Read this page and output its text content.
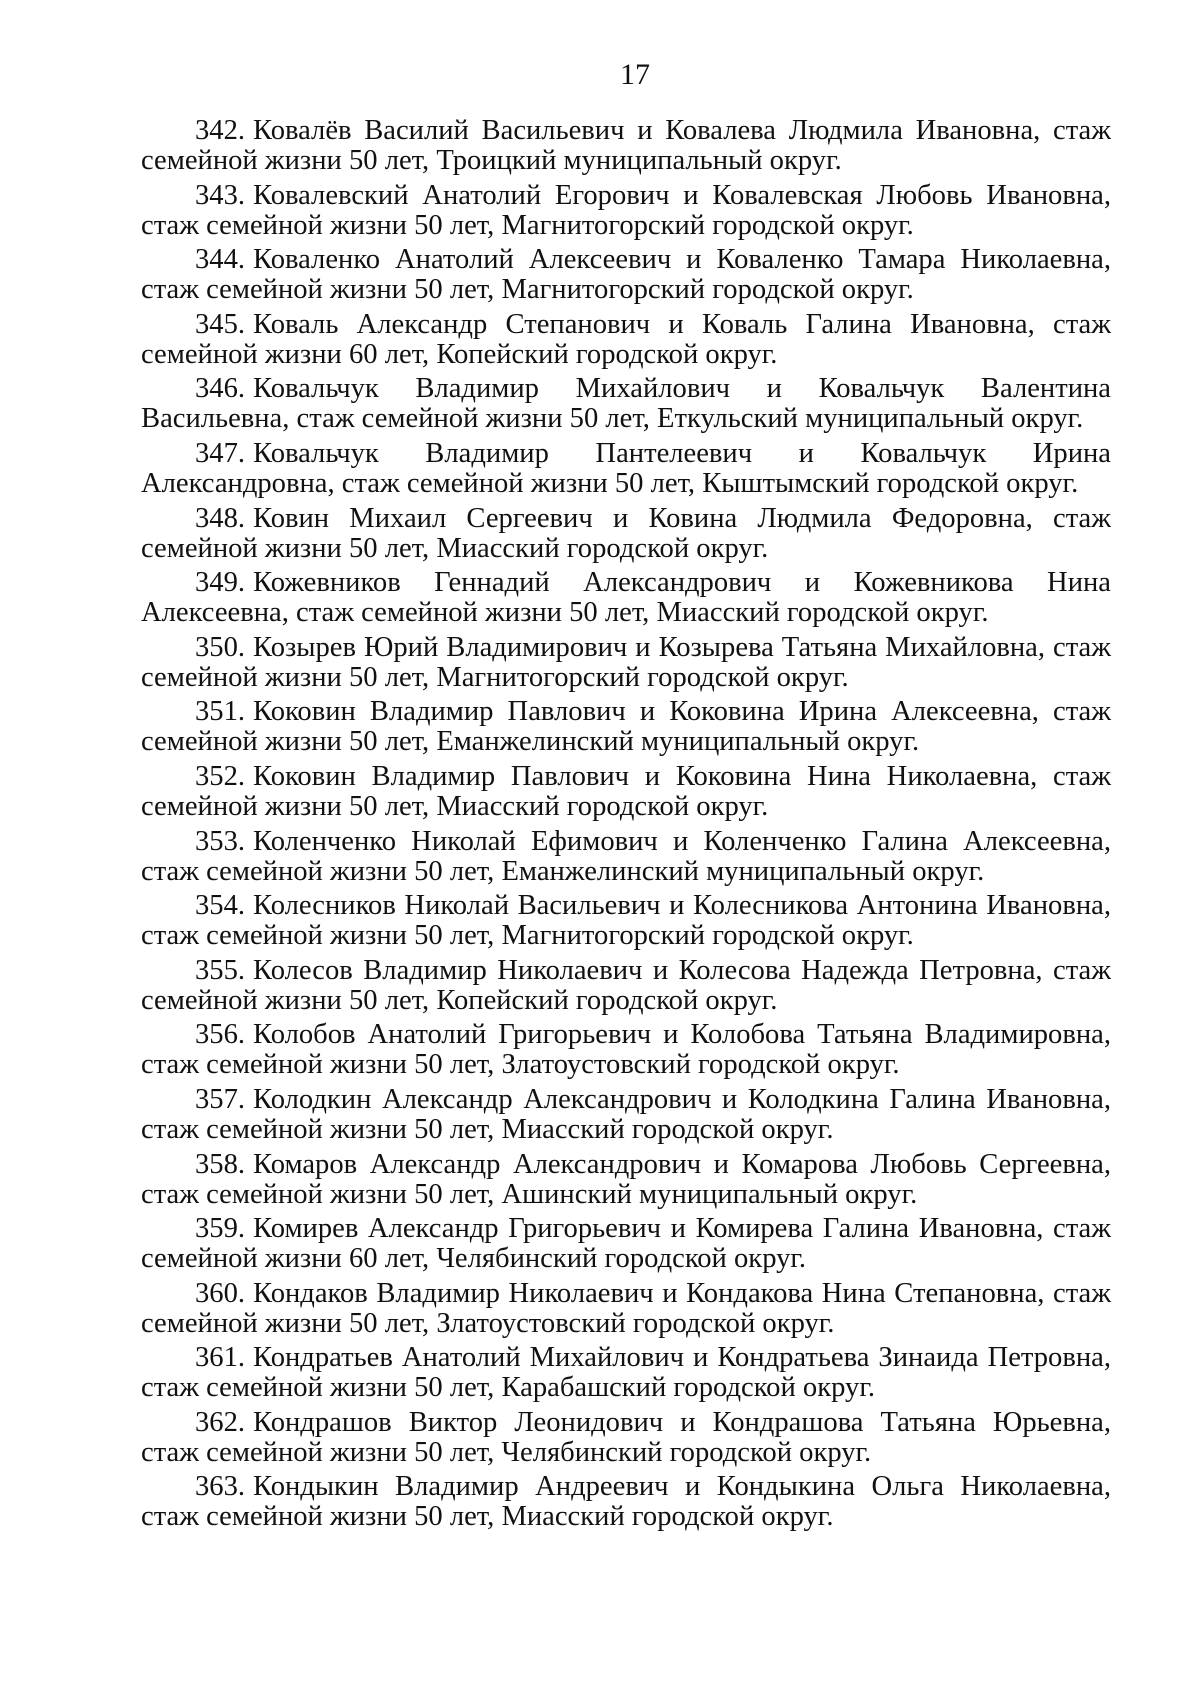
17
342. Ковалёв Василий Васильевич и Ковалева Людмила Ивановна, стаж семейной жизни 50 лет, Троицкий муниципальный округ.
343. Ковалевский Анатолий Егорович и Ковалевская Любовь Ивановна, стаж семейной жизни 50 лет, Магнитогорский городской округ.
344. Коваленко Анатолий Алексеевич и Коваленко Тамара Николаевна, стаж семейной жизни 50 лет, Магнитогорский городской округ.
345. Коваль Александр Степанович и Коваль Галина Ивановна, стаж семейной жизни 60 лет, Копейский городской округ.
346. Ковальчук Владимир Михайлович и Ковальчук Валентина Васильевна, стаж семейной жизни 50 лет, Еткульский муниципальный округ.
347. Ковальчук Владимир Пантелеевич и Ковальчук Ирина Александровна, стаж семейной жизни 50 лет, Кыштымский городской округ.
348. Ковин Михаил Сергеевич и Ковина Людмила Федоровна, стаж семейной жизни 50 лет, Миасский городской округ.
349. Кожевников Геннадий Александрович и Кожевникова Нина Алексеевна, стаж семейной жизни 50 лет, Миасский городской округ.
350. Козырев Юрий Владимирович и Козырева Татьяна Михайловна, стаж семейной жизни 50 лет, Магнитогорский городской округ.
351. Коковин Владимир Павлович и Коковина Ирина Алексеевна, стаж семейной жизни 50 лет, Еманжелинский муниципальный округ.
352. Коковин Владимир Павлович и Коковина Нина Николаевна, стаж семейной жизни 50 лет, Миасский городской округ.
353. Коленченко Николай Ефимович и Коленченко Галина Алексеевна, стаж семейной жизни 50 лет, Еманжелинский муниципальный округ.
354. Колесников Николай Васильевич и Колесникова Антонина Ивановна, стаж семейной жизни 50 лет, Магнитогорский городской округ.
355. Колесов Владимир Николаевич и Колесова Надежда Петровна, стаж семейной жизни 50 лет, Копейский городской округ.
356. Колобов Анатолий Григорьевич и Колобова Татьяна Владимировна, стаж семейной жизни 50 лет, Златоустовский городской округ.
357. Колодкин Александр Александрович и Колодкина Галина Ивановна, стаж семейной жизни 50 лет, Миасский городской округ.
358. Комаров Александр Александрович и Комарова Любовь Сергеевна, стаж семейной жизни 50 лет, Ашинский муниципальный округ.
359. Комирев Александр Григорьевич и Комирева Галина Ивановна, стаж семейной жизни 60 лет, Челябинский городской округ.
360. Кондаков Владимир Николаевич и Кондакова Нина Степановна, стаж семейной жизни 50 лет, Златоустовский городской округ.
361. Кондратьев Анатолий Михайлович и Кондратьева Зинаида Петровна, стаж семейной жизни 50 лет, Карабашский городской округ.
362. Кондрашов Виктор Леонидович и Кондрашова Татьяна Юрьевна, стаж семейной жизни 50 лет, Челябинский городской округ.
363. Кондыкин Владимир Андреевич и Кондыкина Ольга Николаевна, стаж семейной жизни 50 лет, Миасский городской округ.
